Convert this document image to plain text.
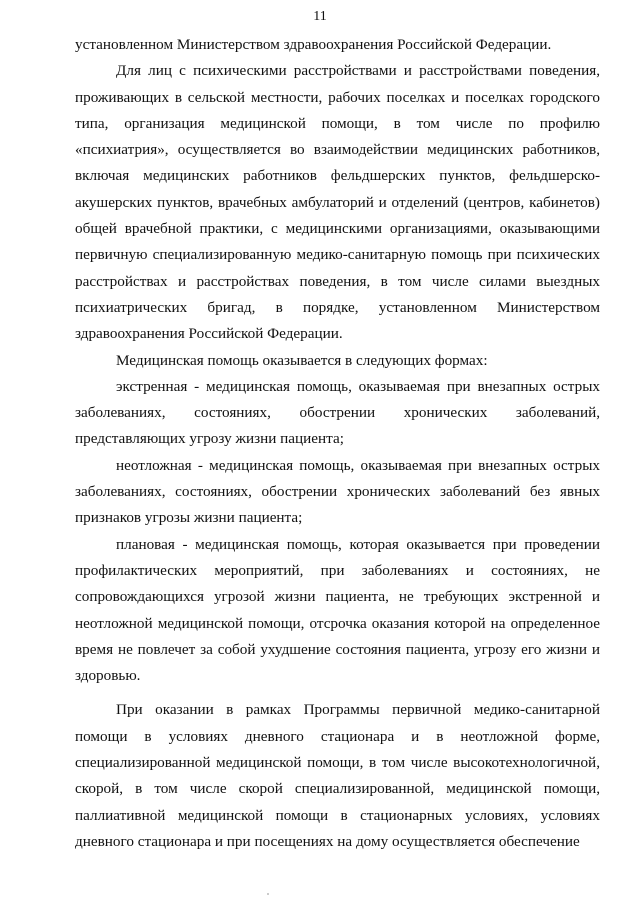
11

установленном Министерством здравоохранения Российской Федерации.

Для лиц с психическими расстройствами и расстройствами поведения, проживающих в сельской местности, рабочих поселках и поселках городского типа, организация медицинской помощи, в том числе по профилю «психиатрия», осуществляется во взаимодействии медицинских работников, включая медицинских работников фельдшерских пунктов, фельдшерско-акушерских пунктов, врачебных амбулаторий и отделений (центров, кабинетов) общей врачебной практики, с медицинскими организациями, оказывающими первичную специализированную медико-санитарную помощь при психических расстройствах и расстройствах поведения, в том числе силами выездных психиатрических бригад, в порядке, установленном Министерством здравоохранения Российской Федерации.

Медицинская помощь оказывается в следующих формах:

экстренная - медицинская помощь, оказываемая при внезапных острых заболеваниях, состояниях, обострении хронических заболеваний, представляющих угрозу жизни пациента;

неотложная - медицинская помощь, оказываемая при внезапных острых заболеваниях, состояниях, обострении хронических заболеваний без явных признаков угрозы жизни пациента;

плановая - медицинская помощь, которая оказывается при проведении профилактических мероприятий, при заболеваниях и состояниях, не сопровождающихся угрозой жизни пациента, не требующих экстренной и неотложной медицинской помощи, отсрочка оказания которой на определенное время не повлечет за собой ухудшение состояния пациента, угрозу его жизни и здоровью.

При оказании в рамках Программы первичной медико-санитарной помощи в условиях дневного стационара и в неотложной форме, специализированной медицинской помощи, в том числе высокотехнологичной, скорой, в том числе скорой специализированной, медицинской помощи, паллиативной медицинской помощи в стационарных условиях, условиях дневного стационара и при посещениях на дому осуществляется обеспечение
